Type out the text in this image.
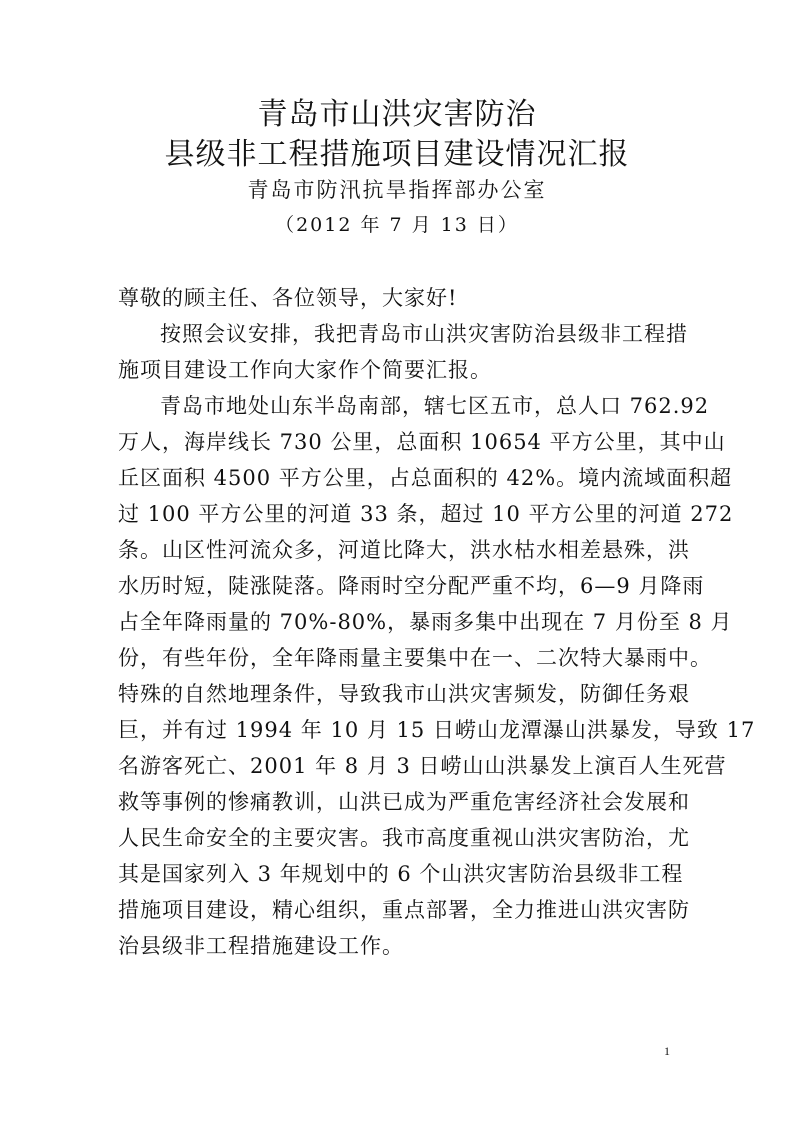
青岛市山洪灾害防治
县级非工程措施项目建设情况汇报
青岛市防汛抗旱指挥部办公室
（2012 年 7 月 13 日）
尊敬的顾主任、各位领导，大家好!
按照会议安排，我把青岛市山洪灾害防治县级非工程措
施项目建设工作向大家作个简要汇报。
青岛市地处山东半岛南部，辖七区五市，总人口 762.92
万人，海岸线长 730 公里，总面积 10654 平方公里，其中山
丘区面积 4500 平方公里，占总面积的 42%。境内流域面积超
过 100 平方公里的河道 33 条，超过 10 平方公里的河道 272
条。山区性河流众多，河道比降大，洪水枯水相差悬殊，洪
水历时短，陡涨陡落。降雨时空分配严重不均，6—9 月降雨
占全年降雨量的 70%-80%，暴雨多集中出现在 7 月份至 8 月
份，有些年份，全年降雨量主要集中在一、二次特大暴雨中。
特殊的自然地理条件，导致我市山洪灾害频发，防御任务艰
巨，并有过 1994 年 10 月 15 日崂山龙潭瀑山洪暴发，导致 17
名游客死亡、2001 年 8 月 3 日崂山山洪暴发上演百人生死营
救等事例的惨痛教训，山洪已成为严重危害经济社会发展和
人民生命安全的主要灾害。我市高度重视山洪灾害防治，尤
其是国家列入 3 年规划中的 6 个山洪灾害防治县级非工程
措施项目建设，精心组织，重点部署，全力推进山洪灾害防
治县级非工程措施建设工作。
1
